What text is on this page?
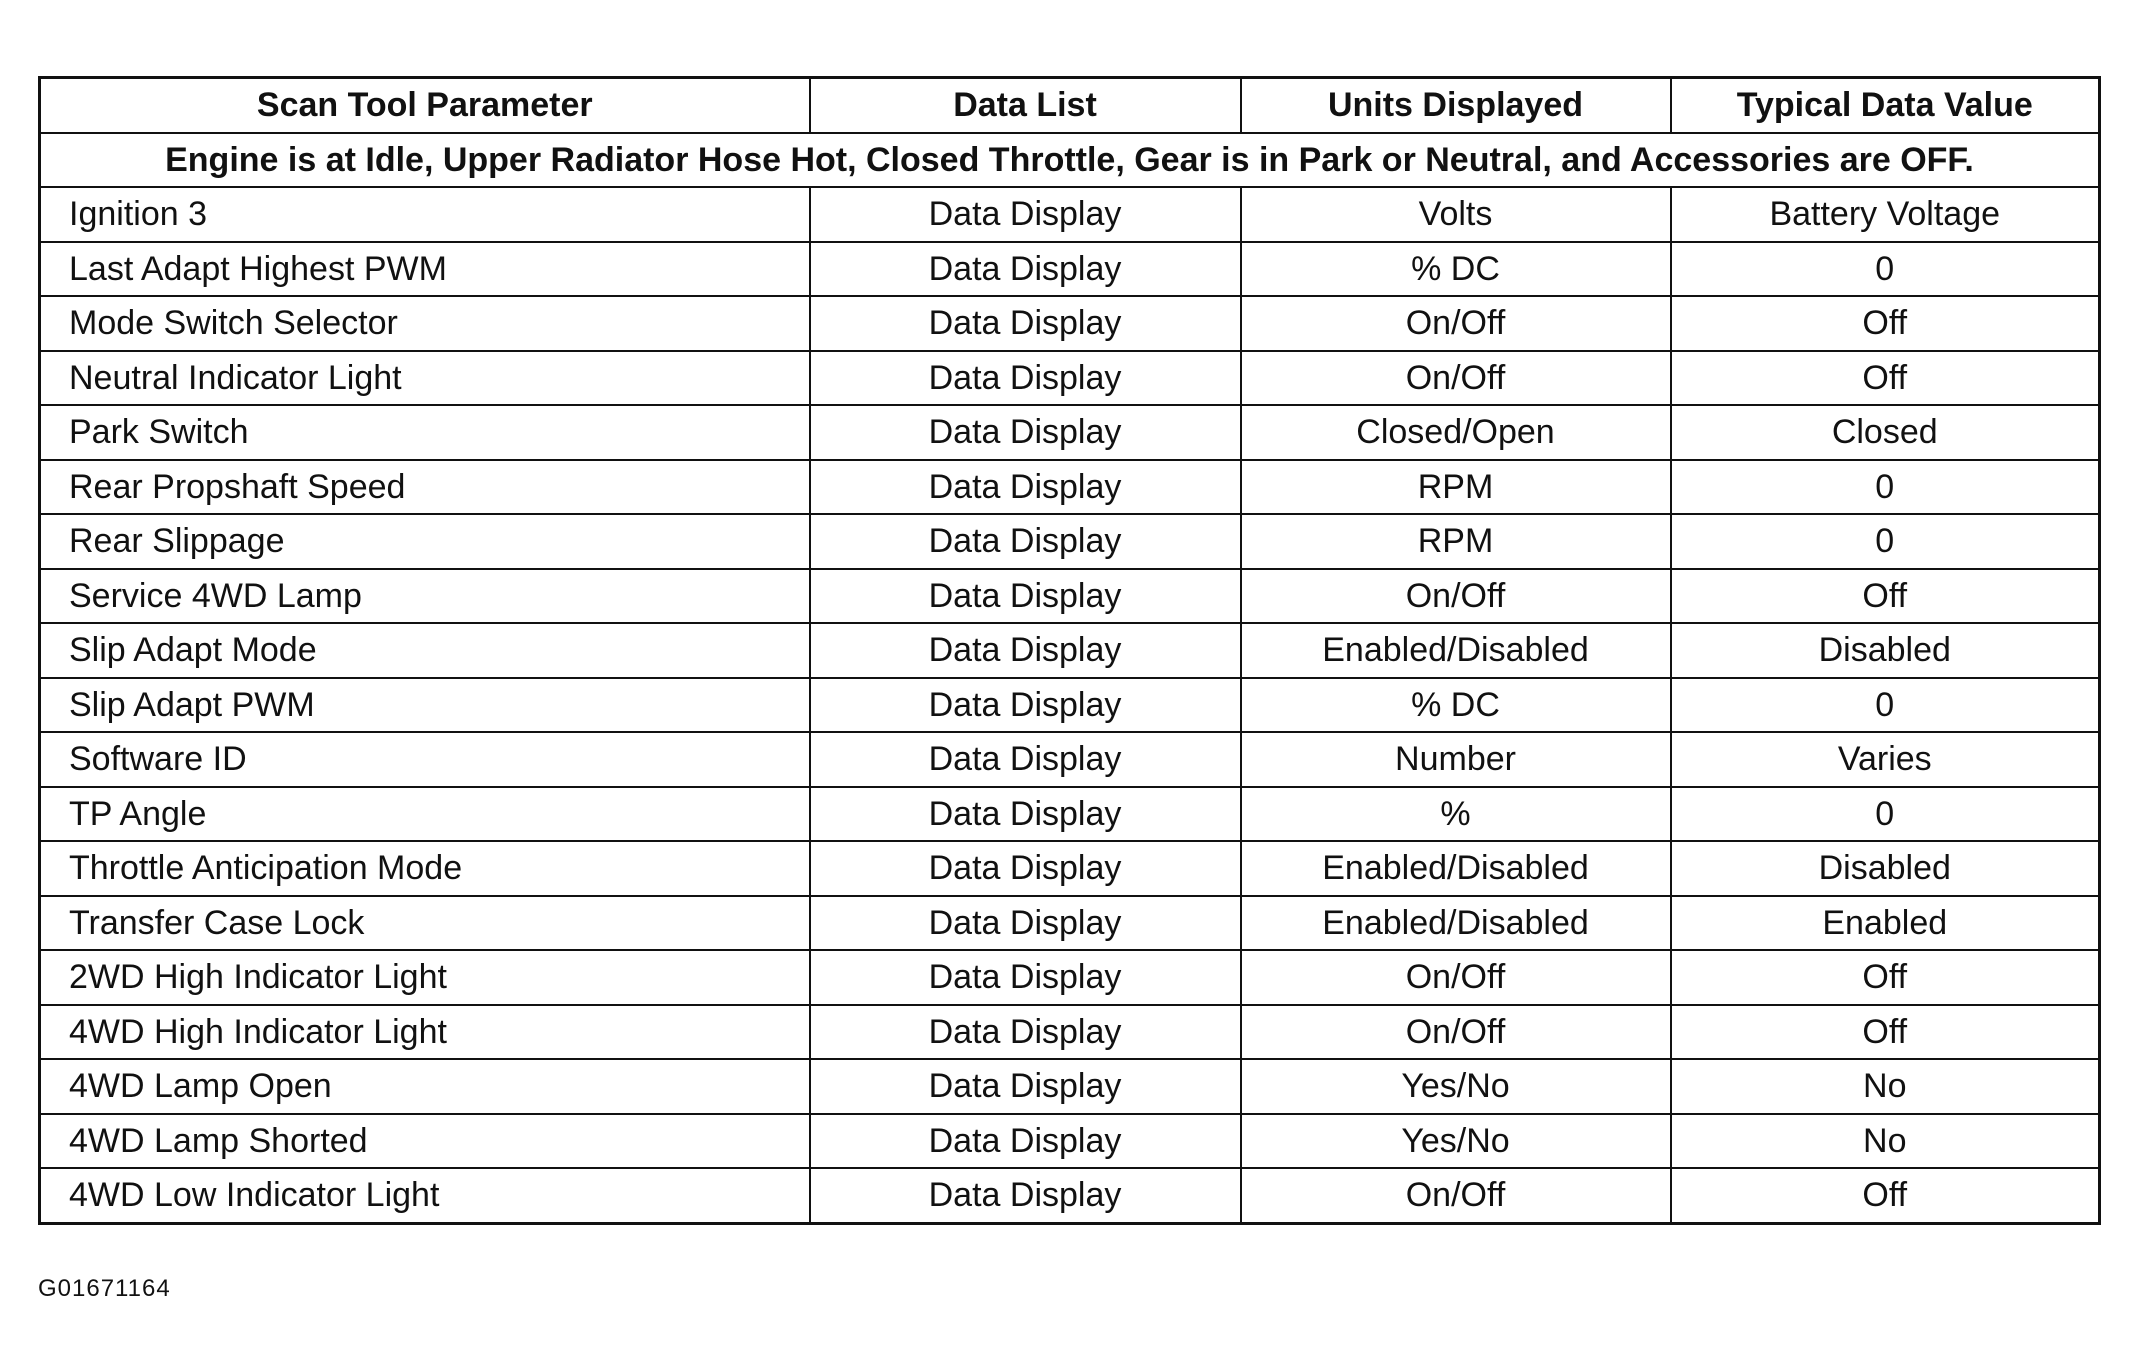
Scan Tool Parameter	Data List	Units Displayed	Typical Data Value
Engine is at Idle, Upper Radiator Hose Hot, Closed Throttle, Gear is in Park or Neutral, and Accessories are OFF.			
Ignition 3	Data Display	Volts	Battery Voltage
Last Adapt Highest PWM	Data Display	% DC	0
Mode Switch Selector	Data Display	On/Off	Off
Neutral Indicator Light	Data Display	On/Off	Off
Park Switch	Data Display	Closed/Open	Closed
Rear Propshaft Speed	Data Display	RPM	0
Rear Slippage	Data Display	RPM	0
Service 4WD Lamp	Data Display	On/Off	Off
Slip Adapt Mode	Data Display	Enabled/Disabled	Disabled
Slip Adapt PWM	Data Display	% DC	0
Software ID	Data Display	Number	Varies
TP Angle	Data Display	%	0
Throttle Anticipation Mode	Data Display	Enabled/Disabled	Disabled
Transfer Case Lock	Data Display	Enabled/Disabled	Enabled
2WD High Indicator Light	Data Display	On/Off	Off
4WD High Indicator Light	Data Display	On/Off	Off
4WD Lamp Open	Data Display	Yes/No	No
4WD Lamp Shorted	Data Display	Yes/No	No
4WD Low Indicator Light	Data Display	On/Off	Off
G01671164
